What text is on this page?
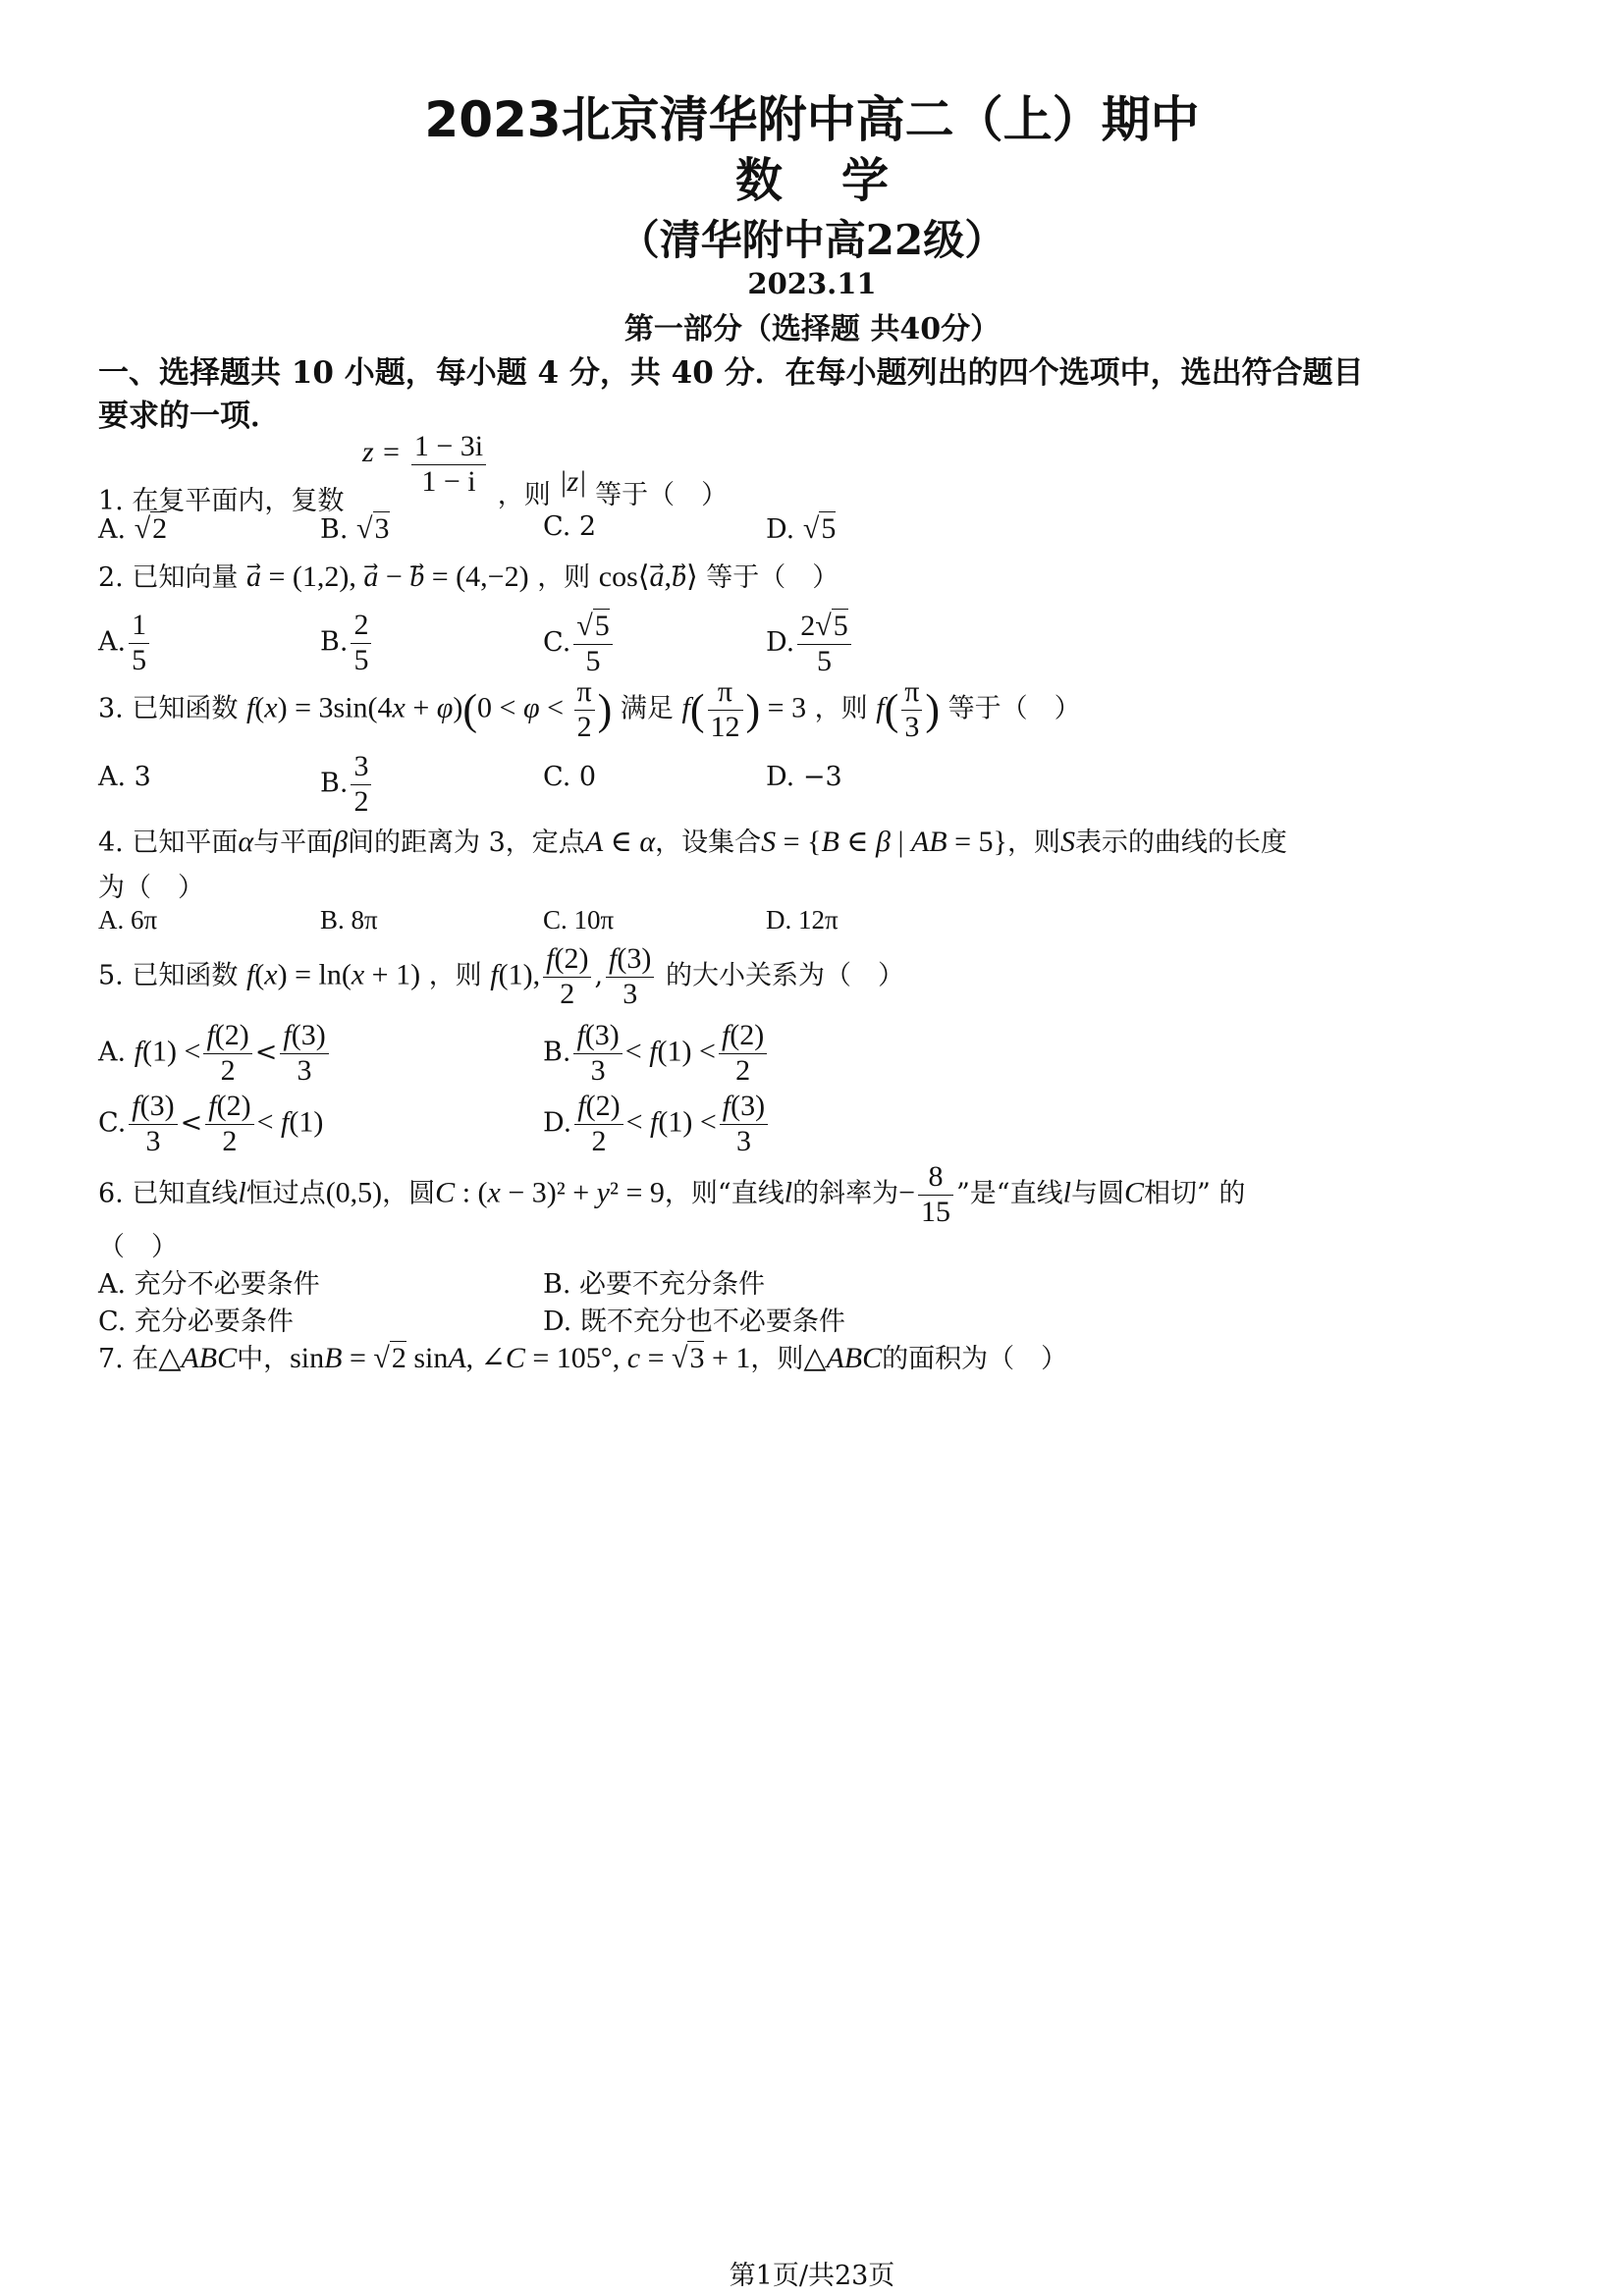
2023北京清华附中高二（上）期中
数学
（清华附中高22级）
2023.11
第一部分（选择题 共40分）
一、选择题共 10 小题，每小题 4 分，共 40 分．在每小题列出的四个选项中，选出符合题目
要求的一项．
1. 在复平面内，复数 $z = \frac{1 - 3i}{1 - i}$ ，则 |z| 等于（　）
A. √2	B. √3	C. 2	D. √5
2. 已知向量 a⃗ = (1,2), a⃗ − b⃗ = (4,−2) ，则 cos⟨a⃗,b⃗⟩ 等于（　）
A. $\frac{1}{5}$	B. $\frac{2}{5}$	C. $\frac{√5}{5}$	D. $\frac{2√5}{5}$
3. 已知函数 $f(x) = 3\sin(4x + \varphi)(0 < \varphi < \frac{\pi}{2}$ ) 满足 $f( \frac{\pi}{12}$ ) = 3 ，则 $f( \frac{\pi}{3}$ ) 等于（　）
A. 3	B. $\frac{3}{2}$	C. 0	D. −3
4. 已知平面α与平面β间的距离为 3，定点A ∈ α，设集合S = {B ∈ β | AB = 5}，则S表示的曲线的长度
为（　）
A. 6π	B. 8π	C. 10π	D. 12π
5. 已知函数 f(x) = ln(x + 1) ，则 f(1), $\frac{f(2)}{2}$ , $\frac{f(3)}{3}$ 的大小关系为（　）
A. $f(1) < \frac{f(2)}{2} < \frac{f(3)}{3}$	B. $\frac{f(3)}{3} < f(1) < \frac{f(2)}{2}$
C. $\frac{f(3)}{3} < \frac{f(2)}{2} < f(1)$	D. $\frac{f(2)}{2} < f(1) < \frac{f(3)}{3}$
6. 已知直线l恒过点(0,5)，圆C : (x − 3)² + y² = 9，则“直线l的斜率为− $\frac{8}{15}$ ”是“直线l与圆C相切” 的
（　）
A. 充分不必要条件	B. 必要不充分条件
C. 充分必要条件	D. 既不充分也不必要条件
7. 在△ABC中，sinB = √2 sinA, ∠C = 105°, c = √3 + 1，则△ABC的面积为（　）
第1页/共23页
